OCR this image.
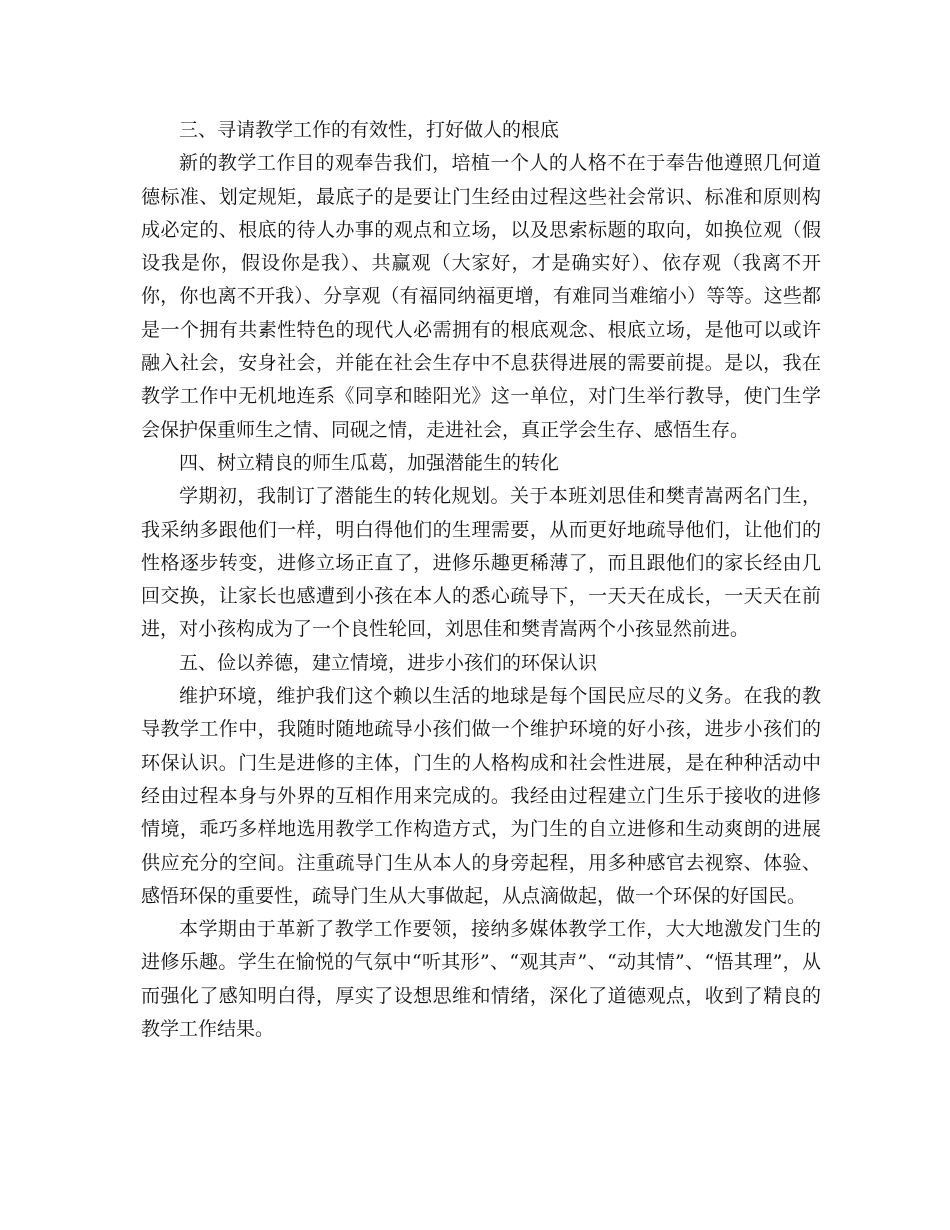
三、寻请教学工作的有效性，打好做人的根底

新的教学工作目的观奉告我们，培植一个人的人格不在于奉告他遵照几何道德标准、划定规矩，最底子的是要让门生经由过程这些社会常识、标准和原则构成必定的、根底的待人办事的观点和立场，以及思索标题的取向，如换位观（假设我是你，假设你是我）、共赢观（大家好，才是确实好）、依存观（我离不开你，你也离不开我）、分享观（有福同纳福更增，有难同当难缩小）等等。这些都是一个拥有共素性特色的现代人必需拥有的根底观念、根底立场，是他可以或许融入社会，安身社会，并能在社会生存中不息获得进展的需要前提。是以，我在教学工作中无机地连系《同享和睦阳光》这一单位，对门生举行教导，使门生学会保护保重师生之情、同砚之情，走进社会，真正学会生存、感悟生存。

四、树立精良的师生瓜葛，加强潜能生的转化

学期初，我制订了潜能生的转化规划。关于本班刘思佳和樊青嵩两名门生，我采纳多跟他们一样，明白得他们的生理需要，从而更好地疏导他们，让他们的性格逐步转变，进修立场正直了，进修乐趣更稀薄了，而且跟他们的家长经由几回交换，让家长也感遭到小孩在本人的悉心疏导下，一天天在成长，一天天在前进，对小孩构成为了一个良性轮回，刘思佳和樊青嵩两个小孩显然前进。

五、俭以养德，建立情境，进步小孩们的环保认识

维护环境，维护我们这个赖以生活的地球是每个国民应尽的义务。在我的教导教学工作中，我随时随地疏导小孩们做一个维护环境的好小孩，进步小孩们的环保认识。门生是进修的主体，门生的人格构成和社会性进展，是在种种活动中经由过程本身与外界的互相作用来完成的。我经由过程建立门生乐于接收的进修情境，乖巧多样地选用教学工作构造方式，为门生的自立进修和生动爽朗的进展供应充分的空间。注重疏导门生从本人的身旁起程，用多种感官去视察、体验、感悟环保的重要性，疏导门生从大事做起，从点滴做起，做一个环保的好国民。

本学期由于革新了教学工作要领，接纳多媒体教学工作，大大地激发门生的进修乐趣。学生在愉悦的气氛中“听其形”、“观其声”、“动其情”、“悟其理”，从而强化了感知明白得，厚实了设想思维和情绪，深化了道德观点，收到了精良的教学工作结果。
